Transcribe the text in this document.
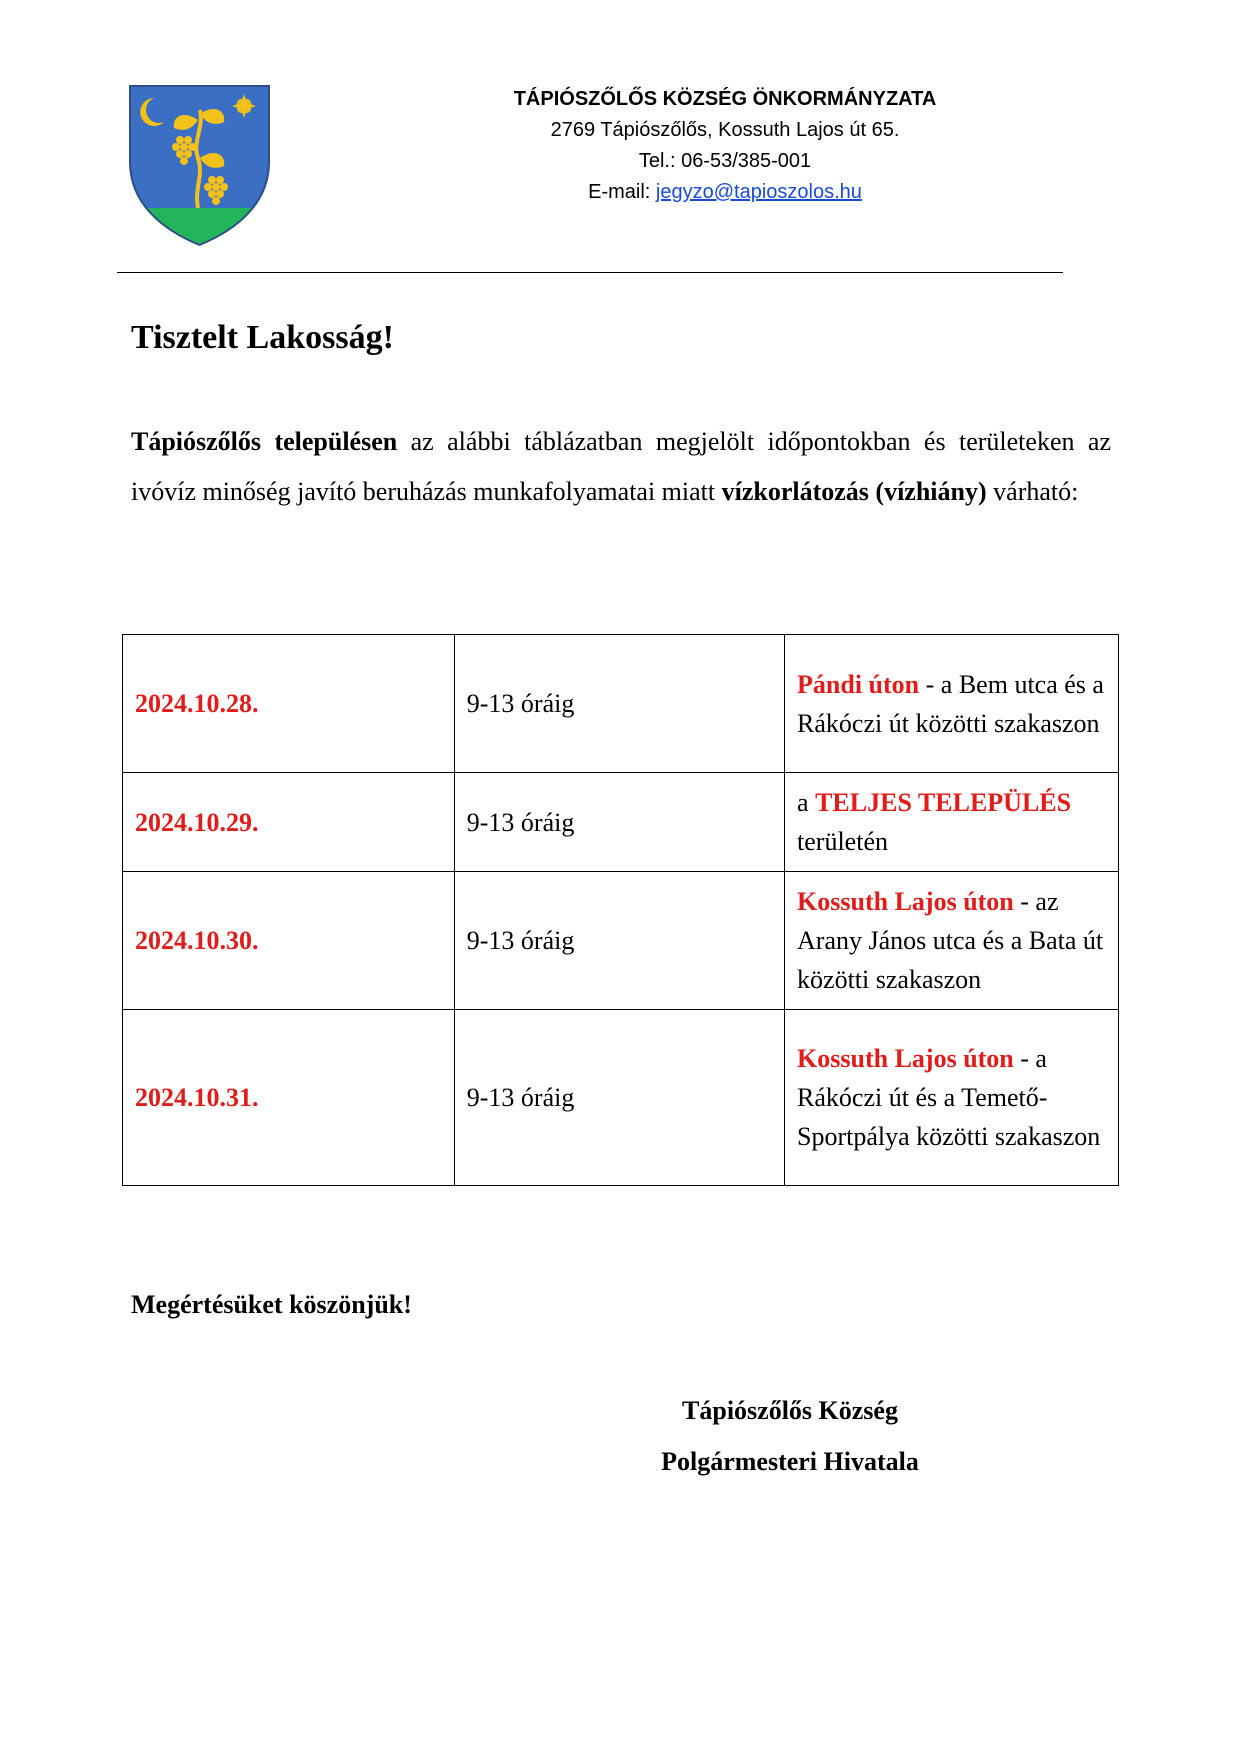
TÁPIÓSZŐLŐS KÖZSÉG ÖNKORMÁNYZATA
2769 Tápiószőlős, Kossuth Lajos út 65.
Tel.: 06-53/385-001
E-mail: jegyzo@tapioszolos.hu
Tisztelt Lakosság!

Tápiószőlős településen az alábbi táblázatban megjelölt időpontokban és területeken az ivóvíz minőség javító beruházás munkafolyamatai miatt vízkorlátozás (vízhiány) várható:

2024.10.28.	9-13 óráig	Pándi úton - a Bem utca és a Rákóczi út közötti szakaszon
2024.10.29.	9-13 óráig	a TELJES TELEPÜLÉS területén
2024.10.30.	9-13 óráig	Kossuth Lajos úton - az Arany János utca és a Bata út közötti szakaszon
2024.10.31.	9-13 óráig	Kossuth Lajos úton - a Rákóczi út és a Temető-Sportpálya közötti szakaszon

Megértésüket köszönjük!

Tápiószőlős Község
Polgármesteri Hivatala
